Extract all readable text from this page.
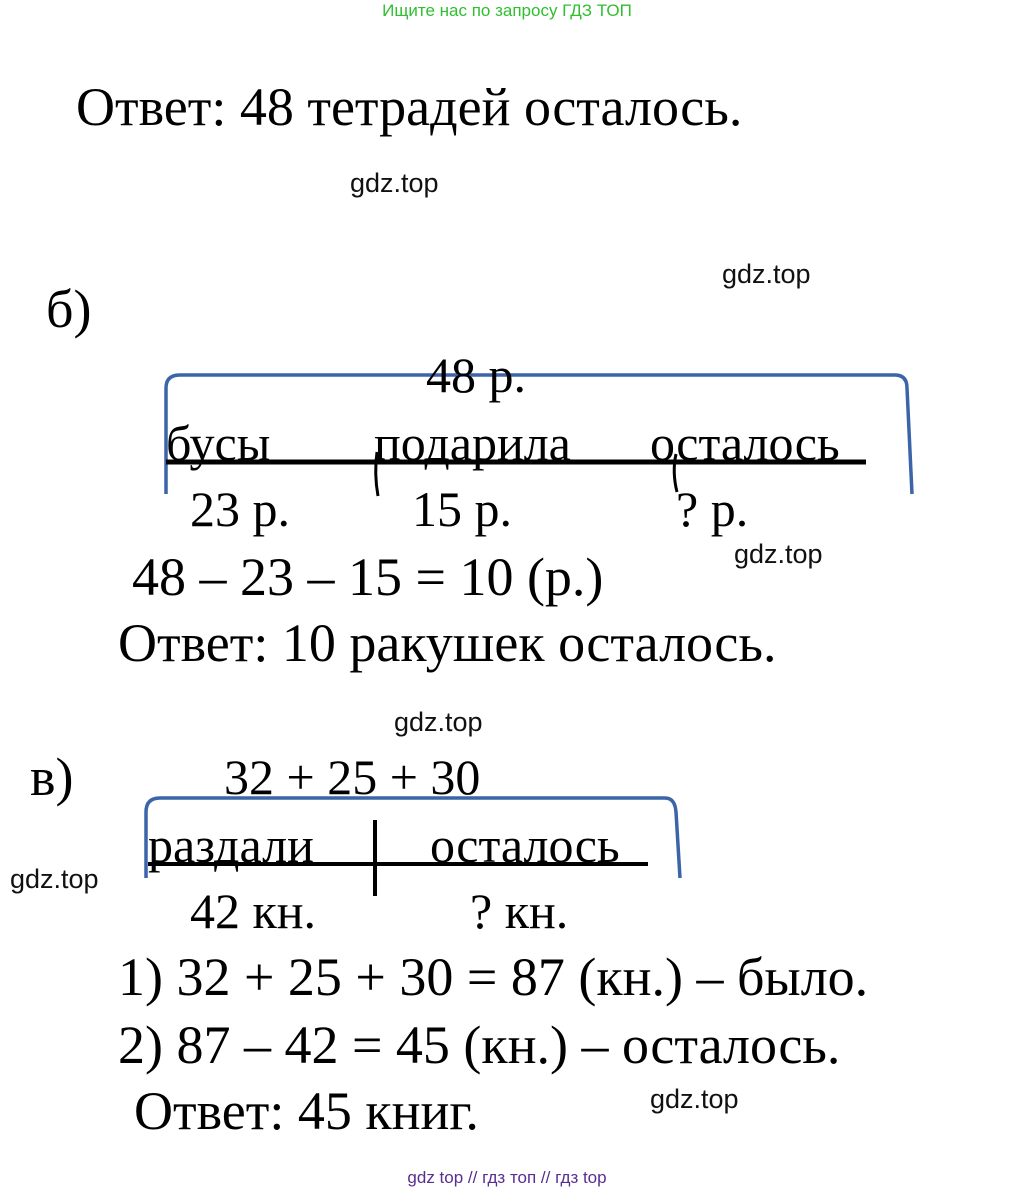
Ищите нас по запросу ГДЗ ТОП
Ответ: 48 тетрадей осталось.
gdz.top
gdz.top
gdz.top
gdz.top
gdz.top
gdz.top
б)
48 р.
бусы подарила осталось
23 р. 15 р.	? р.
48 – 23 – 15 = 10 (р.)
Ответ: 10 ракушек осталось.
в)	32 + 25 + 30
раздали осталось
42 кн.	? кн.
1) 32 + 25 + 30 = 87 (кн.) – было.
2) 87 – 42 = 45 (кн.) – осталось.
Ответ: 45 книг.
gdz top // гдз топ // гдз top
